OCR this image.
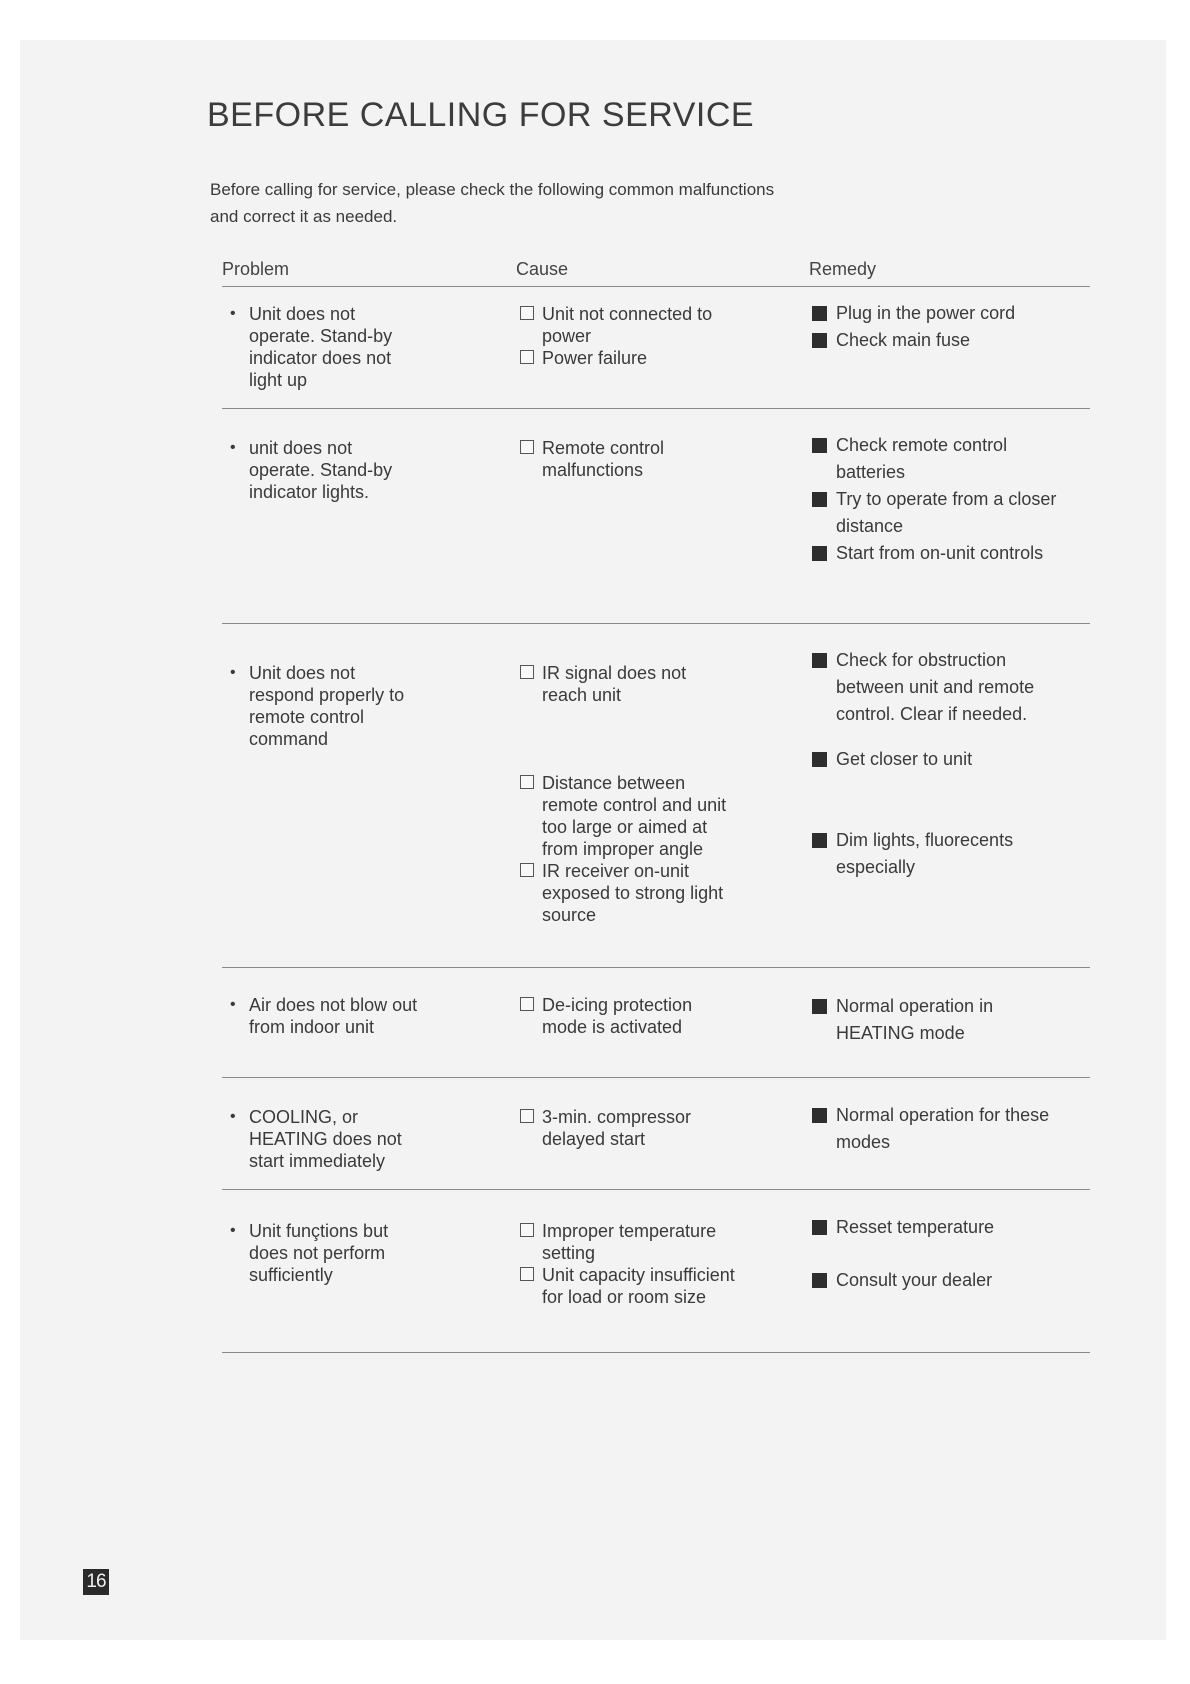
BEFORE CALLING FOR SERVICE
Before calling for service, please check the following common malfunctions
and correct it as needed.
Problem	Cause	Remedy
• Unit does not operate. Stand-by indicator does not light up
Unit not connected to power
Power failure
Plug in the power cord
Check main fuse
• unit does not operate. Stand-by indicator lights.
Remote control malfunctions
Check remote control batteries
Try to operate from a closer distance
Start from on-unit controls
• Unit does not respond properly to remote control command
IR signal does not reach unit
Distance between remote control and unit too large or aimed at from improper angle
IR receiver on-unit exposed to strong light source
Check for obstruction between unit and remote control. Clear if needed.
Get closer to unit
Dim lights, fluorecents especially
• Air does not blow out from indoor unit
De-icing protection mode is activated
Normal operation in HEATING mode
• COOLING, or HEATING does not start immediately
3-min. compressor delayed start
Normal operation for these modes
• Unit funçtions but does not perform sufficiently
Improper temperature setting
Unit capacity insufficient for load or room size
Resset temperature
Consult your dealer
16
